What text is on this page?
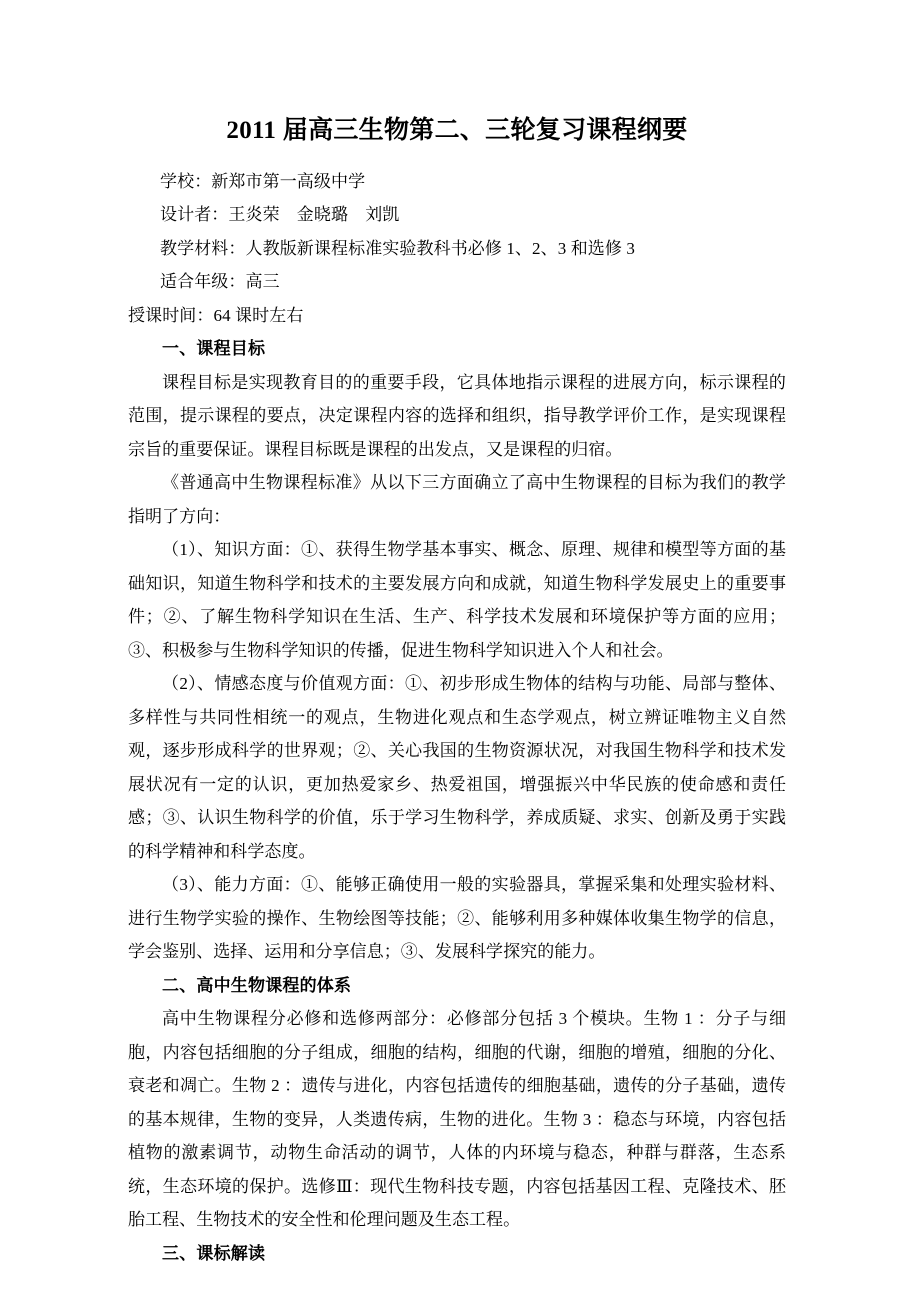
2011 届高三生物第二、三轮复习课程纲要
学校：新郑市第一高级中学
设计者：王炎荣　金晓璐　刘凯
教学材料：人教版新课程标准实验教科书必修 1、2、3 和选修 3
适合年级：高三
授课时间：64 课时左右
一、课程目标

课程目标是实现教育目的的重要手段，它具体地指示课程的进展方向，标示课程的范围，提示课程的要点，决定课程内容的选择和组织，指导教学评价工作，是实现课程宗旨的重要保证。课程目标既是课程的出发点，又是课程的归宿。

《普通高中生物课程标准》从以下三方面确立了高中生物课程的目标为我们的教学指明了方向：

（1）、知识方面：①、获得生物学基本事实、概念、原理、规律和模型等方面的基础知识，知道生物科学和技术的主要发展方向和成就，知道生物科学发展史上的重要事件；②、了解生物科学知识在生活、生产、科学技术发展和环境保护等方面的应用；③、积极参与生物科学知识的传播，促进生物科学知识进入个人和社会。

（2）、情感态度与价值观方面：①、初步形成生物体的结构与功能、局部与整体、多样性与共同性相统一的观点，生物进化观点和生态学观点，树立辨证唯物主义自然观，逐步形成科学的世界观；②、关心我国的生物资源状况，对我国生物科学和技术发展状况有一定的认识，更加热爱家乡、热爱祖国，增强振兴中华民族的使命感和责任感；③、认识生物科学的价值，乐于学习生物科学，养成质疑、求实、创新及勇于实践的科学精神和科学态度。

（3）、能力方面：①、能够正确使用一般的实验器具，掌握采集和处理实验材料、进行生物学实验的操作、生物绘图等技能；②、能够利用多种媒体收集生物学的信息，学会鉴别、选择、运用和分享信息；③、发展科学探究的能力。

二、高中生物课程的体系

高中生物课程分必修和选修两部分：必修部分包括 3 个模块。生物 1 ：分子与细胞，内容包括细胞的分子组成，细胞的结构，细胞的代谢，细胞的增殖，细胞的分化、衰老和凋亡。生物 2 ：遗传与进化，内容包括遗传的细胞基础，遗传的分子基础，遗传的基本规律，生物的变异，人类遗传病，生物的进化。生物 3 ：稳态与环境，内容包括植物的激素调节，动物生命活动的调节，人体的内环境与稳态，种群与群落，生态系统，生态环境的保护。选修Ⅲ：现代生物科技专题，内容包括基因工程、克隆技术、胚胎工程、生物技术的安全性和伦理问题及生态工程。

三、课标解读
